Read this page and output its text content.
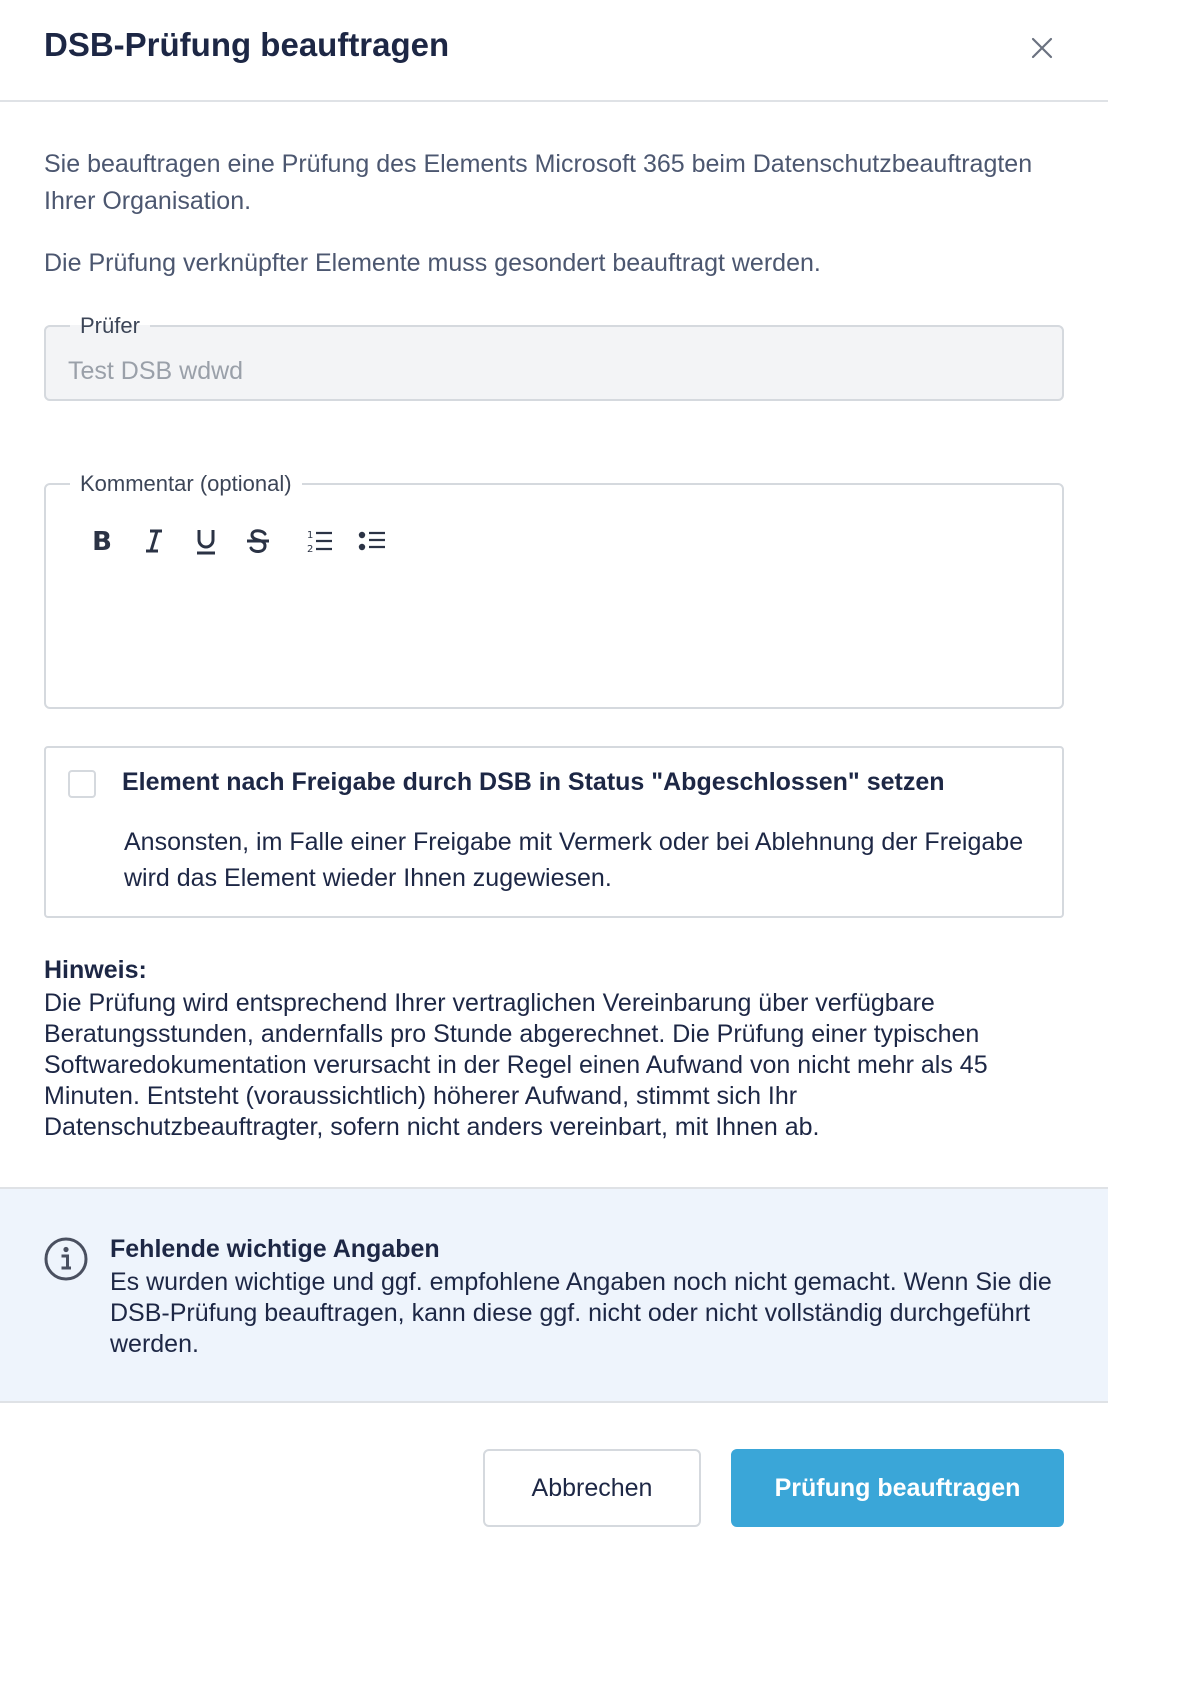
DSB-Prüfung beauftragen

Sie beauftragen eine Prüfung des Elements Microsoft 365 beim Datenschutzbeauftragten Ihrer Organisation.

Die Prüfung verknüpfter Elemente muss gesondert beauftragt werden.

Prüfer
Test DSB wdwd
Kommentar (optional)
B	1
2
Element nach Freigabe durch DSB in Status "Abgeschlossen" setzen
Ansonsten, im Falle einer Freigabe mit Vermerk oder bei Ablehnung der Freigabe wird das Element wieder Ihnen zugewiesen.
Hinweis:
Die Prüfung wird entsprechend Ihrer vertraglichen Vereinbarung über verfügbare Beratungsstunden, andernfalls pro Stunde abgerechnet. Die Prüfung einer typischen Softwaredokumentation verursacht in der Regel einen Aufwand von nicht mehr als 45 Minuten. Entsteht (voraussichtlich) höherer Aufwand, stimmt sich Ihr Datenschutzbeauftragter, sofern nicht anders vereinbart, mit Ihnen ab.
Fehlende wichtige Angaben
Es wurden wichtige und ggf. empfohlene Angaben noch nicht gemacht. Wenn Sie die DSB-Prüfung beauftragen, kann diese ggf. nicht oder nicht vollständig durchgeführt werden.
Abbrechen	Prüfung beauftragen
